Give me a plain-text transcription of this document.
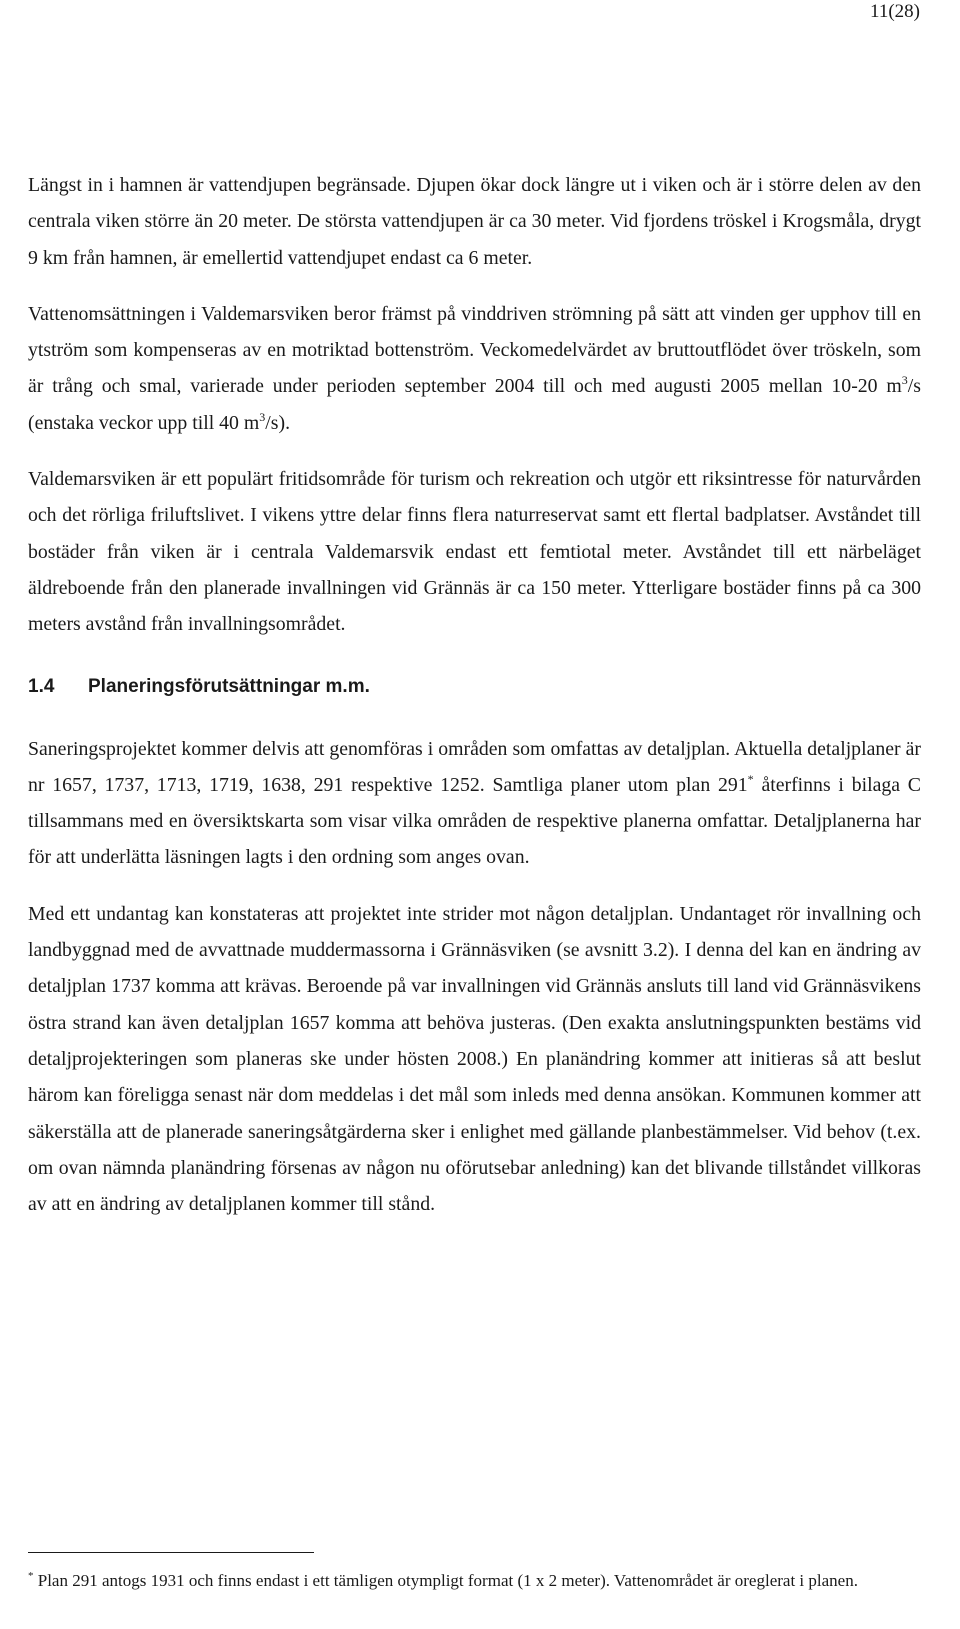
11(28)

Längst in i hamnen är vattendjupen begränsade. Djupen ökar dock längre ut i viken och är i större delen av den centrala viken större än 20 meter. De största vattendjupen är ca 30 meter. Vid fjordens tröskel i Krogsmåla, drygt 9 km från hamnen, är emellertid vattendjupet endast ca 6 meter.

Vattenomsättningen i Valdemarsviken beror främst på vinddriven strömning på sätt att vinden ger upphov till en ytström som kompenseras av en motriktad bottenström. Veckomedelvärdet av bruttoutflödet över tröskeln, som är trång och smal, varierade under perioden september 2004 till och med augusti 2005 mellan 10-20 $m^3/s$ (enstaka veckor upp till 40 $m^3/s$).

Valdemarsviken är ett populärt fritidsområde för turism och rekreation och utgör ett riksintresse för naturvården och det rörliga friluftslivet. I vikens yttre delar finns flera naturreservat samt ett flertal badplatser. Avståndet till bostäder från viken är i centrala Valdemarsvik endast ett femtiotal meter. Avståndet till ett närbeläget äldreboende från den planerade invallningen vid Grännäs är ca 150 meter. Ytterligare bostäder finns på ca 300 meters avstånd från invallningsområdet.

1.4 Planeringsförutsättningar m.m.

Saneringsprojektet kommer delvis att genomföras i områden som omfattas av detaljplan. Aktuella detaljplaner är nr 1657, 1737, 1713, 1719, 1638, 291 respektive 1252. Samtliga planer utom plan 291* återfinns i bilaga C tillsammans med en översiktskarta som visar vilka områden de respektive planerna omfattar. Detaljplanerna har för att underlätta läsningen lagts i den ordning som anges ovan.

Med ett undantag kan konstateras att projektet inte strider mot någon detaljplan. Undantaget rör invallning och landbyggnad med de avvattnade muddermassorna i Grännäsviken (se avsnitt 3.2). I denna del kan en ändring av detaljplan 1737 komma att krävas. Beroende på var invallningen vid Grännäs ansluts till land vid Grännäsvikens östra strand kan även detaljplan 1657 komma att behöva justeras. (Den exakta anslutningspunkten bestäms vid detaljprojekteringen som planeras ske under hösten 2008.) En planändring kommer att initieras så att beslut härom kan föreligga senast när dom meddelas i det mål som inleds med denna ansökan. Kommunen kommer att säkerställa att de planerade saneringsåtgärderna sker i enlighet med gällande planbestämmelser. Vid behov (t.ex. om ovan nämnda planändring försenas av någon nu oförutsebar anledning) kan det blivande tillståndet villkoras av att en ändring av detaljplanen kommer till stånd.

* Plan 291 antogs 1931 och finns endast i ett tämligen otympligt format (1 x 2 meter). Vattenområdet är oreglerat i planen.
